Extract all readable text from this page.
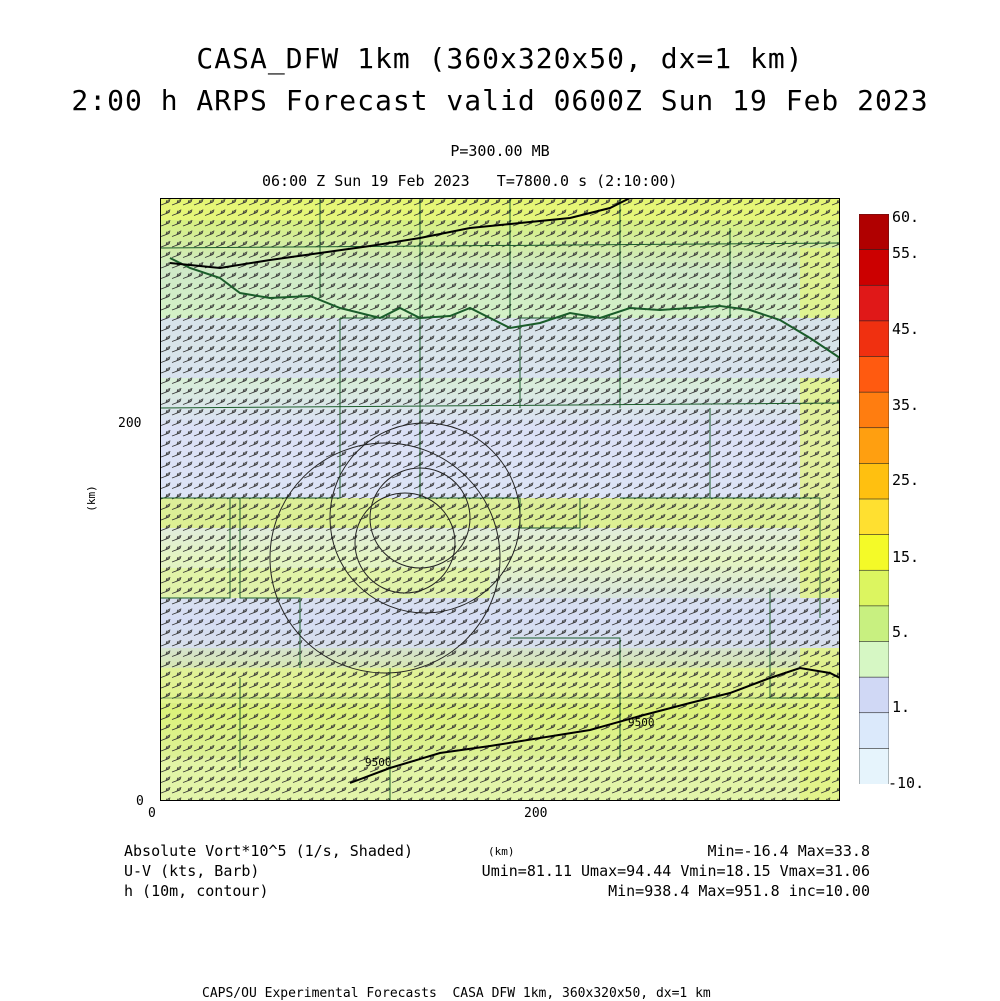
CASA_DFW 1km (360x320x50, dx=1 km)
2:00 h ARPS Forecast valid 0600Z Sun 19 Feb 2023
P=300.00 MB
06:00 Z Sun 19 Feb 2023   T=7800.0 s (2:10:00)
9500
9500
0	200
0
200
(km)
60.
55.
45.
35.
25.
15.
5.
1.
-10.
Absolute Vort*10^5 (1/s, Shaded)
U-V (kts, Barb)
h (10m, contour)
(km)	Min=-16.4 Max=33.8
Umin=81.11 Umax=94.44 Vmin=18.15 Vmax=31.06
Min=938.4 Max=951.8 inc=10.00
CAPS/OU Experimental Forecasts  CASA DFW 1km, 360x320x50, dx=1 km
